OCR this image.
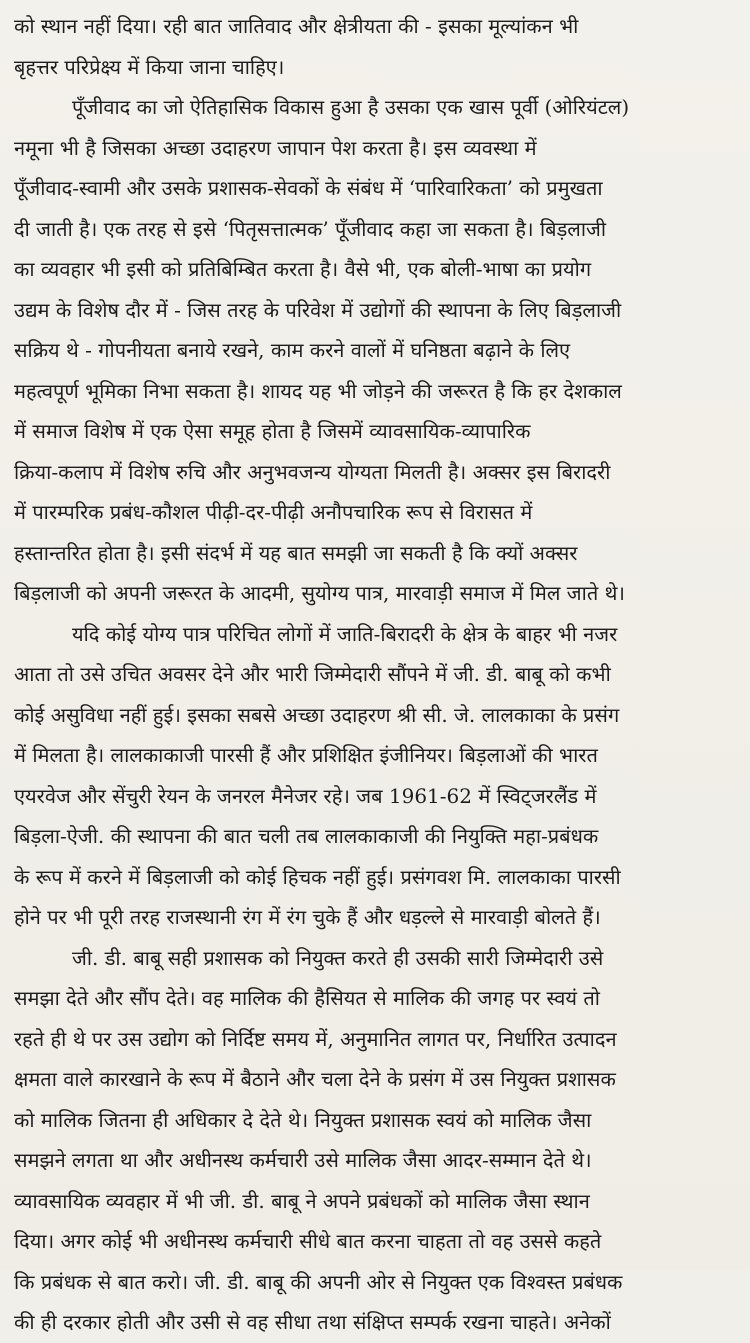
को स्थान नहीं दिया। रही बात जातिवाद और क्षेत्रीयता की - इसका मूल्यांकन भी
बृहत्तर परिप्रेक्ष्य में किया जाना चाहिए।
पूँजीवाद का जो ऐतिहासिक विकास हुआ है उसका एक खास पूर्वी (ओरियंटल)
नमूना भी है जिसका अच्छा उदाहरण जापान पेश करता है। इस व्यवस्था में
पूँजीवाद-स्वामी और उसके प्रशासक-सेवकों के संबंध में ‘पारिवारिकता’ को प्रमुखता
दी जाती है। एक तरह से इसे ‘पितृसत्तात्मक’ पूँजीवाद कहा जा सकता है। बिड़लाजी
का व्यवहार भी इसी को प्रतिबिम्बित करता है। वैसे भी, एक बोली-भाषा का प्रयोग
उद्यम के विशेष दौर में - जिस तरह के परिवेश में उद्योगों की स्थापना के लिए बिड़लाजी
सक्रिय थे - गोपनीयता बनाये रखने, काम करने वालों में घनिष्ठता बढ़ाने के लिए
महत्वपूर्ण भूमिका निभा सकता है। शायद यह भी जोड़ने की जरूरत है कि हर देशकाल
में समाज विशेष में एक ऐसा समूह होता है जिसमें व्यावसायिक-व्यापारिक
क्रिया-कलाप में विशेष रुचि और अनुभवजन्य योग्यता मिलती है। अक्सर इस बिरादरी
में पारम्परिक प्रबंध-कौशल पीढ़ी-दर-पीढ़ी अनौपचारिक रूप से विरासत में
हस्तान्तरित होता है। इसी संदर्भ में यह बात समझी जा सकती है कि क्यों अक्सर
बिड़लाजी को अपनी जरूरत के आदमी, सुयोग्य पात्र, मारवाड़ी समाज में मिल जाते थे।
यदि कोई योग्य पात्र परिचित लोगों में जाति-बिरादरी के क्षेत्र के बाहर भी नजर
आता तो उसे उचित अवसर देने और भारी जिम्मेदारी सौंपने में जी. डी. बाबू को कभी
कोई असुविधा नहीं हुई। इसका सबसे अच्छा उदाहरण श्री सी. जे. लालकाका के प्रसंग
में मिलता है। लालकाकाजी पारसी हैं और प्रशिक्षित इंजीनियर। बिड़लाओं की भारत
एयरवेज और सेंचुरी रेयन के जनरल मैनेजर रहे। जब 1961-62 में स्विट्जरलैंड में
बिड़ला-ऐजी. की स्थापना की बात चली तब लालकाकाजी की नियुक्ति महा-प्रबंधक
के रूप में करने में बिड़लाजी को कोई हिचक नहीं हुई। प्रसंगवश मि. लालकाका पारसी
होने पर भी पूरी तरह राजस्थानी रंग में रंग चुके हैं और धड़ल्ले से मारवाड़ी बोलते हैं।
जी. डी. बाबू सही प्रशासक को नियुक्त करते ही उसकी सारी जिम्मेदारी उसे
समझा देते और सौंप देते। वह मालिक की हैसियत से मालिक की जगह पर स्वयं तो
रहते ही थे पर उस उद्योग को निर्दिष्ट समय में, अनुमानित लागत पर, निर्धारित उत्पादन
क्षमता वाले कारखाने के रूप में बैठाने और चला देने के प्रसंग में उस नियुक्त प्रशासक
को मालिक जितना ही अधिकार दे देते थे। नियुक्त प्रशासक स्वयं को मालिक जैसा
समझने लगता था और अधीनस्थ कर्मचारी उसे मालिक जैसा आदर-सम्मान देते थे।
व्यावसायिक व्यवहार में भी जी. डी. बाबू ने अपने प्रबंधकों को मालिक जैसा स्थान
दिया। अगर कोई भी अधीनस्थ कर्मचारी सीधे बात करना चाहता तो वह उससे कहते
कि प्रबंधक से बात करो। जी. डी. बाबू की अपनी ओर से नियुक्त एक विश्वस्त प्रबंधक
की ही दरकार होती और उसी से वह सीधा तथा संक्षिप्त सम्पर्क रखना चाहते। अनेकों
